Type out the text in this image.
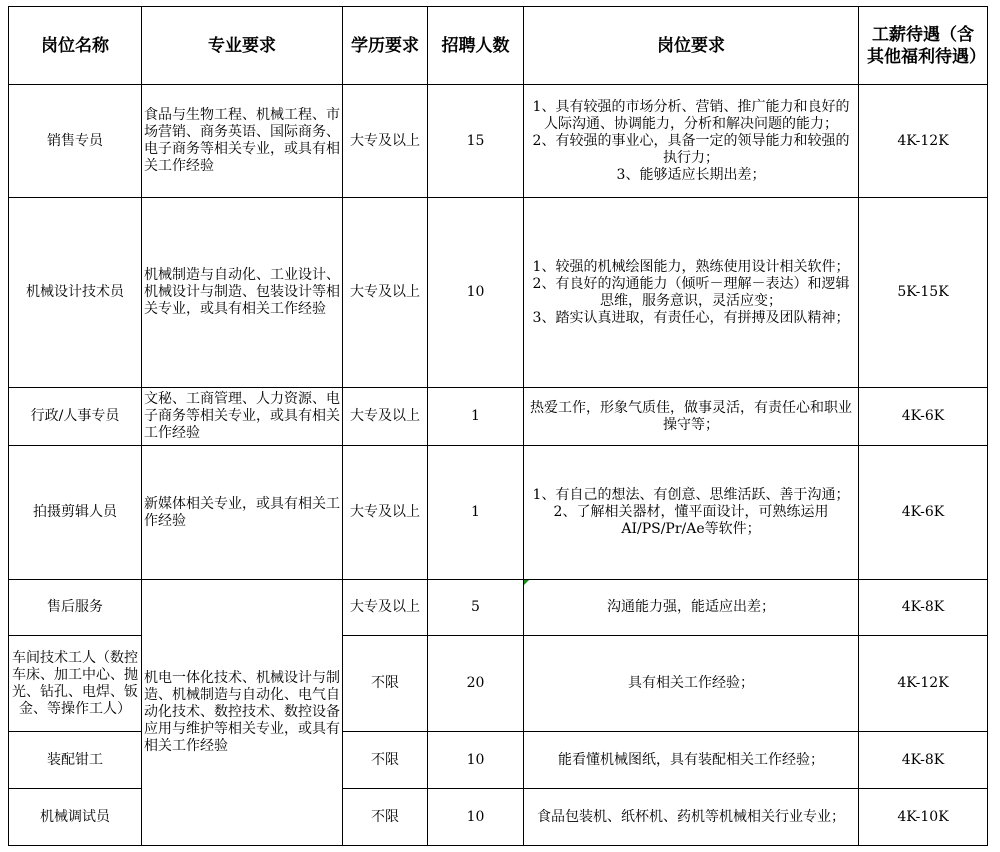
岗位名称	专业要求	学历要求	招聘人数	岗位要求	工薪待遇（含其他福利待遇）
销售专员	食品与生物工程、机械工程、市场营销、商务英语、国际商务、电子商务等相关专业，或具有相关工作经验	大专及以上	15	1、具有较强的市场分析、营销、推广能力和良好的人际沟通、协调能力，分析和解决问题的能力；
2、有较强的事业心，具备一定的领导能力和较强的执行力；
3、能够适应长期出差；	4K-12K
机械设计技术员	机械制造与自动化、工业设计、机械设计与制造、包装设计等相关专业，或具有相关工作经验	大专及以上	10	1、较强的机械绘图能力，熟练使用设计相关软件；
2、有良好的沟通能力（倾听－理解－表达）和逻辑思维，服务意识，灵活应变；
3、踏实认真进取，有责任心，有拼搏及团队精神；	5K-15K
行政/人事专员	文秘、工商管理、人力资源、电子商务等相关专业，或具有相关工作经验	大专及以上	1	热爱工作，形象气质佳，做事灵活，有责任心和职业操守等；	4K-6K
拍摄剪辑人员	新媒体相关专业，或具有相关工作经验	大专及以上	1	1、有自己的想法、有创意、思维活跃、善于沟通；
2、了解相关器材，懂平面设计，可熟练运用AI/PS/Pr/Ae等软件；	4K-6K
售后服务	机电一体化技术、机械设计与制造、机械制造与自动化、电气自动化技术、数控技术、数控设备应用与维护等相关专业，或具有相关工作经验	大专及以上	5	沟通能力强，能适应出差；	4K-8K
车间技术工人（数控车床、加工中心、抛光、钻孔、电焊、钣金、等操作工人）		不限	20	具有相关工作经验；	4K-12K
装配钳工		不限	10	能看懂机械图纸，具有装配相关工作经验；	4K-8K
机械调试员		不限	10	食品包装机、纸杯机、药机等机械相关行业专业；	4K-10K
